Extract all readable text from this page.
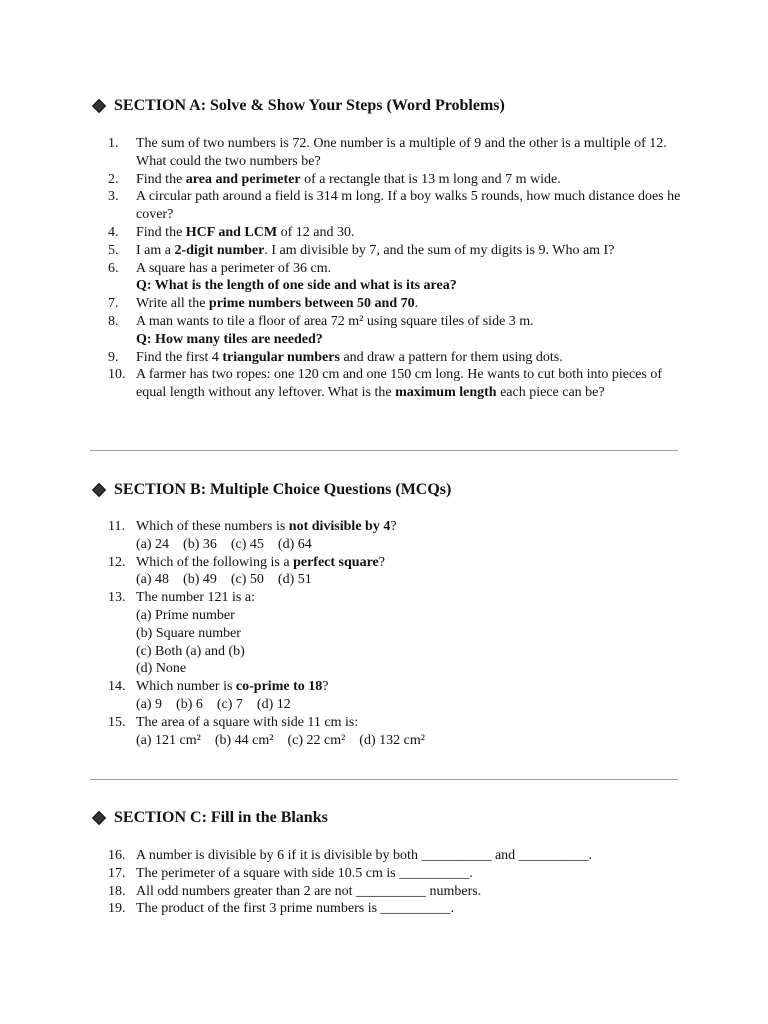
SECTION A: Solve & Show Your Steps (Word Problems)
1.	The sum of two numbers is 72. One number is a multiple of 9 and the other is a multiple of 12. What could the two numbers be?
2.	Find the area and perimeter of a rectangle that is 13 m long and 7 m wide.
3.	A circular path around a field is 314 m long. If a boy walks 5 rounds, how much distance does he cover?
4.	Find the HCF and LCM of 12 and 30.
5.	I am a 2-digit number. I am divisible by 7, and the sum of my digits is 9. Who am I?
6.	A square has a perimeter of 36 cm.
Q: What is the length of one side and what is its area?
7.	Write all the prime numbers between 50 and 70.
8.	A man wants to tile a floor of area 72 m² using square tiles of side 3 m.
Q: How many tiles are needed?
9.	Find the first 4 triangular numbers and draw a pattern for them using dots.
10. A farmer has two ropes: one 120 cm and one 150 cm long. He wants to cut both into pieces of equal length without any leftover. What is the maximum length each piece can be?
SECTION B: Multiple Choice Questions (MCQs)
11. Which of these numbers is not divisible by 4?
(a) 24    (b) 36    (c) 45    (d) 64
12. Which of the following is a perfect square?
(a) 48    (b) 49    (c) 50    (d) 51
13. The number 121 is a:
(a) Prime number
(b) Square number
(c) Both (a) and (b)
(d) None
14. Which number is co-prime to 18?
(a) 9    (b) 6    (c) 7    (d) 12
15. The area of a square with side 11 cm is:
(a) 121 cm²    (b) 44 cm²    (c) 22 cm²    (d) 132 cm²
SECTION C: Fill in the Blanks
16. A number is divisible by 6 if it is divisible by both __________ and __________.
17. The perimeter of a square with side 10.5 cm is __________.
18. All odd numbers greater than 2 are not __________ numbers.
19. The product of the first 3 prime numbers is __________.
